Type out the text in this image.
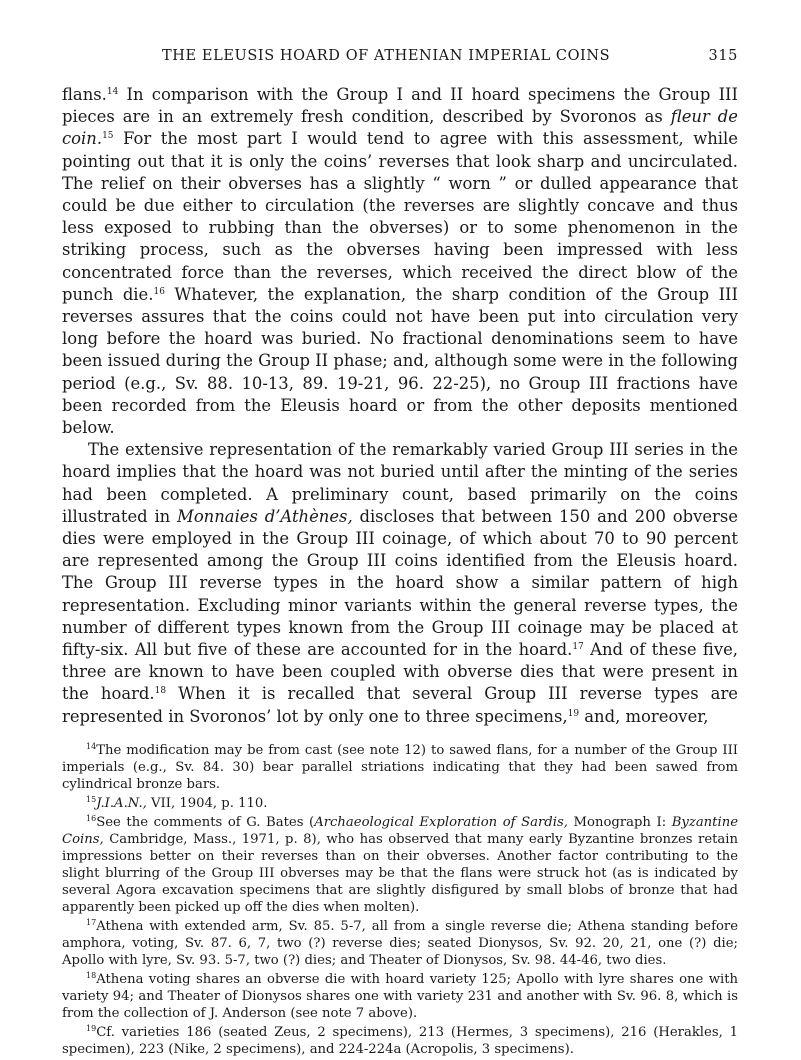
THE ELEUSIS HOARD OF ATHENIAN IMPERIAL COINS	315

flans.$^{14}$ In comparison with the Group I and II hoard specimens the Group III pieces are in an extremely fresh condition, described by Svoronos as fleur de coin.$^{15}$ For the most part I would tend to agree with this assessment, while pointing out that it is only the coins’ reverses that look sharp and uncirculated. The relief on their obverses has a slightly “ worn ” or dulled appearance that could be due either to circulation (the reverses are slightly concave and thus less exposed to rubbing than the obverses) or to some phenomenon in the striking process, such as the obverses having been impressed with less concentrated force than the reverses, which received the direct blow of the punch die.$^{16}$ Whatever, the explanation, the sharp condition of the Group III reverses assures that the coins could not have been put into circulation very long before the hoard was buried. No fractional denominations seem to have been issued during the Group II phase; and, although some were in the following period (e.g., Sv. 88. 10-13, 89. 19-21, 96. 22-25), no Group III fractions have been recorded from the Eleusis hoard or from the other deposits mentioned below.

The extensive representation of the remarkably varied Group III series in the hoard implies that the hoard was not buried until after the minting of the series had been completed. A preliminary count, based primarily on the coins illustrated in Monnaies d’Athènes, discloses that between 150 and 200 obverse dies were employed in the Group III coinage, of which about 70 to 90 percent are represented among the Group III coins identified from the Eleusis hoard. The Group III reverse types in the hoard show a similar pattern of high representation. Excluding minor variants within the general reverse types, the number of different types known from the Group III coinage may be placed at fifty-six. All but five of these are accounted for in the hoard.$^{17}$ And of these five, three are known to have been coupled with obverse dies that were present in the hoard.$^{18}$ When it is recalled that several Group III reverse types are represented in Svoronos’ lot by only one to three specimens,$^{19}$ and, moreover,

$^{14}$The modification may be from cast (see note 12) to sawed flans, for a number of the Group III imperials (e.g., Sv. 84. 30) bear parallel striations indicating that they had been sawed from cylindrical bronze bars.

$^{15}$J.I.A.N., VII, 1904, p. 110.

$^{16}$See the comments of G. Bates (Archaeological Exploration of Sardis, Monograph I: Byzantine Coins, Cambridge, Mass., 1971, p. 8), who has observed that many early Byzantine bronzes retain impressions better on their reverses than on their obverses. Another factor contributing to the slight blurring of the Group III obverses may be that the flans were struck hot (as is indicated by several Agora excavation specimens that are slightly disfigured by small blobs of bronze that had apparently been picked up off the dies when molten).

$^{17}$Athena with extended arm, Sv. 85. 5-7, all from a single reverse die; Athena standing before amphora, voting, Sv. 87. 6, 7, two (?) reverse dies; seated Dionysos, Sv. 92. 20, 21, one (?) die; Apollo with lyre, Sv. 93. 5-7, two (?) dies; and Theater of Dionysos, Sv. 98. 44-46, two dies.

$^{18}$Athena voting shares an obverse die with hoard variety 125; Apollo with lyre shares one with variety 94; and Theater of Dionysos shares one with variety 231 and another with Sv. 96. 8, which is from the collection of J. Anderson (see note 7 above).

$^{19}$Cf. varieties 186 (seated Zeus, 2 specimens), 213 (Hermes, 3 specimens), 216 (Herakles, 1 specimen), 223 (Nike, 2 specimens), and 224-224a (Acropolis, 3 specimens).
